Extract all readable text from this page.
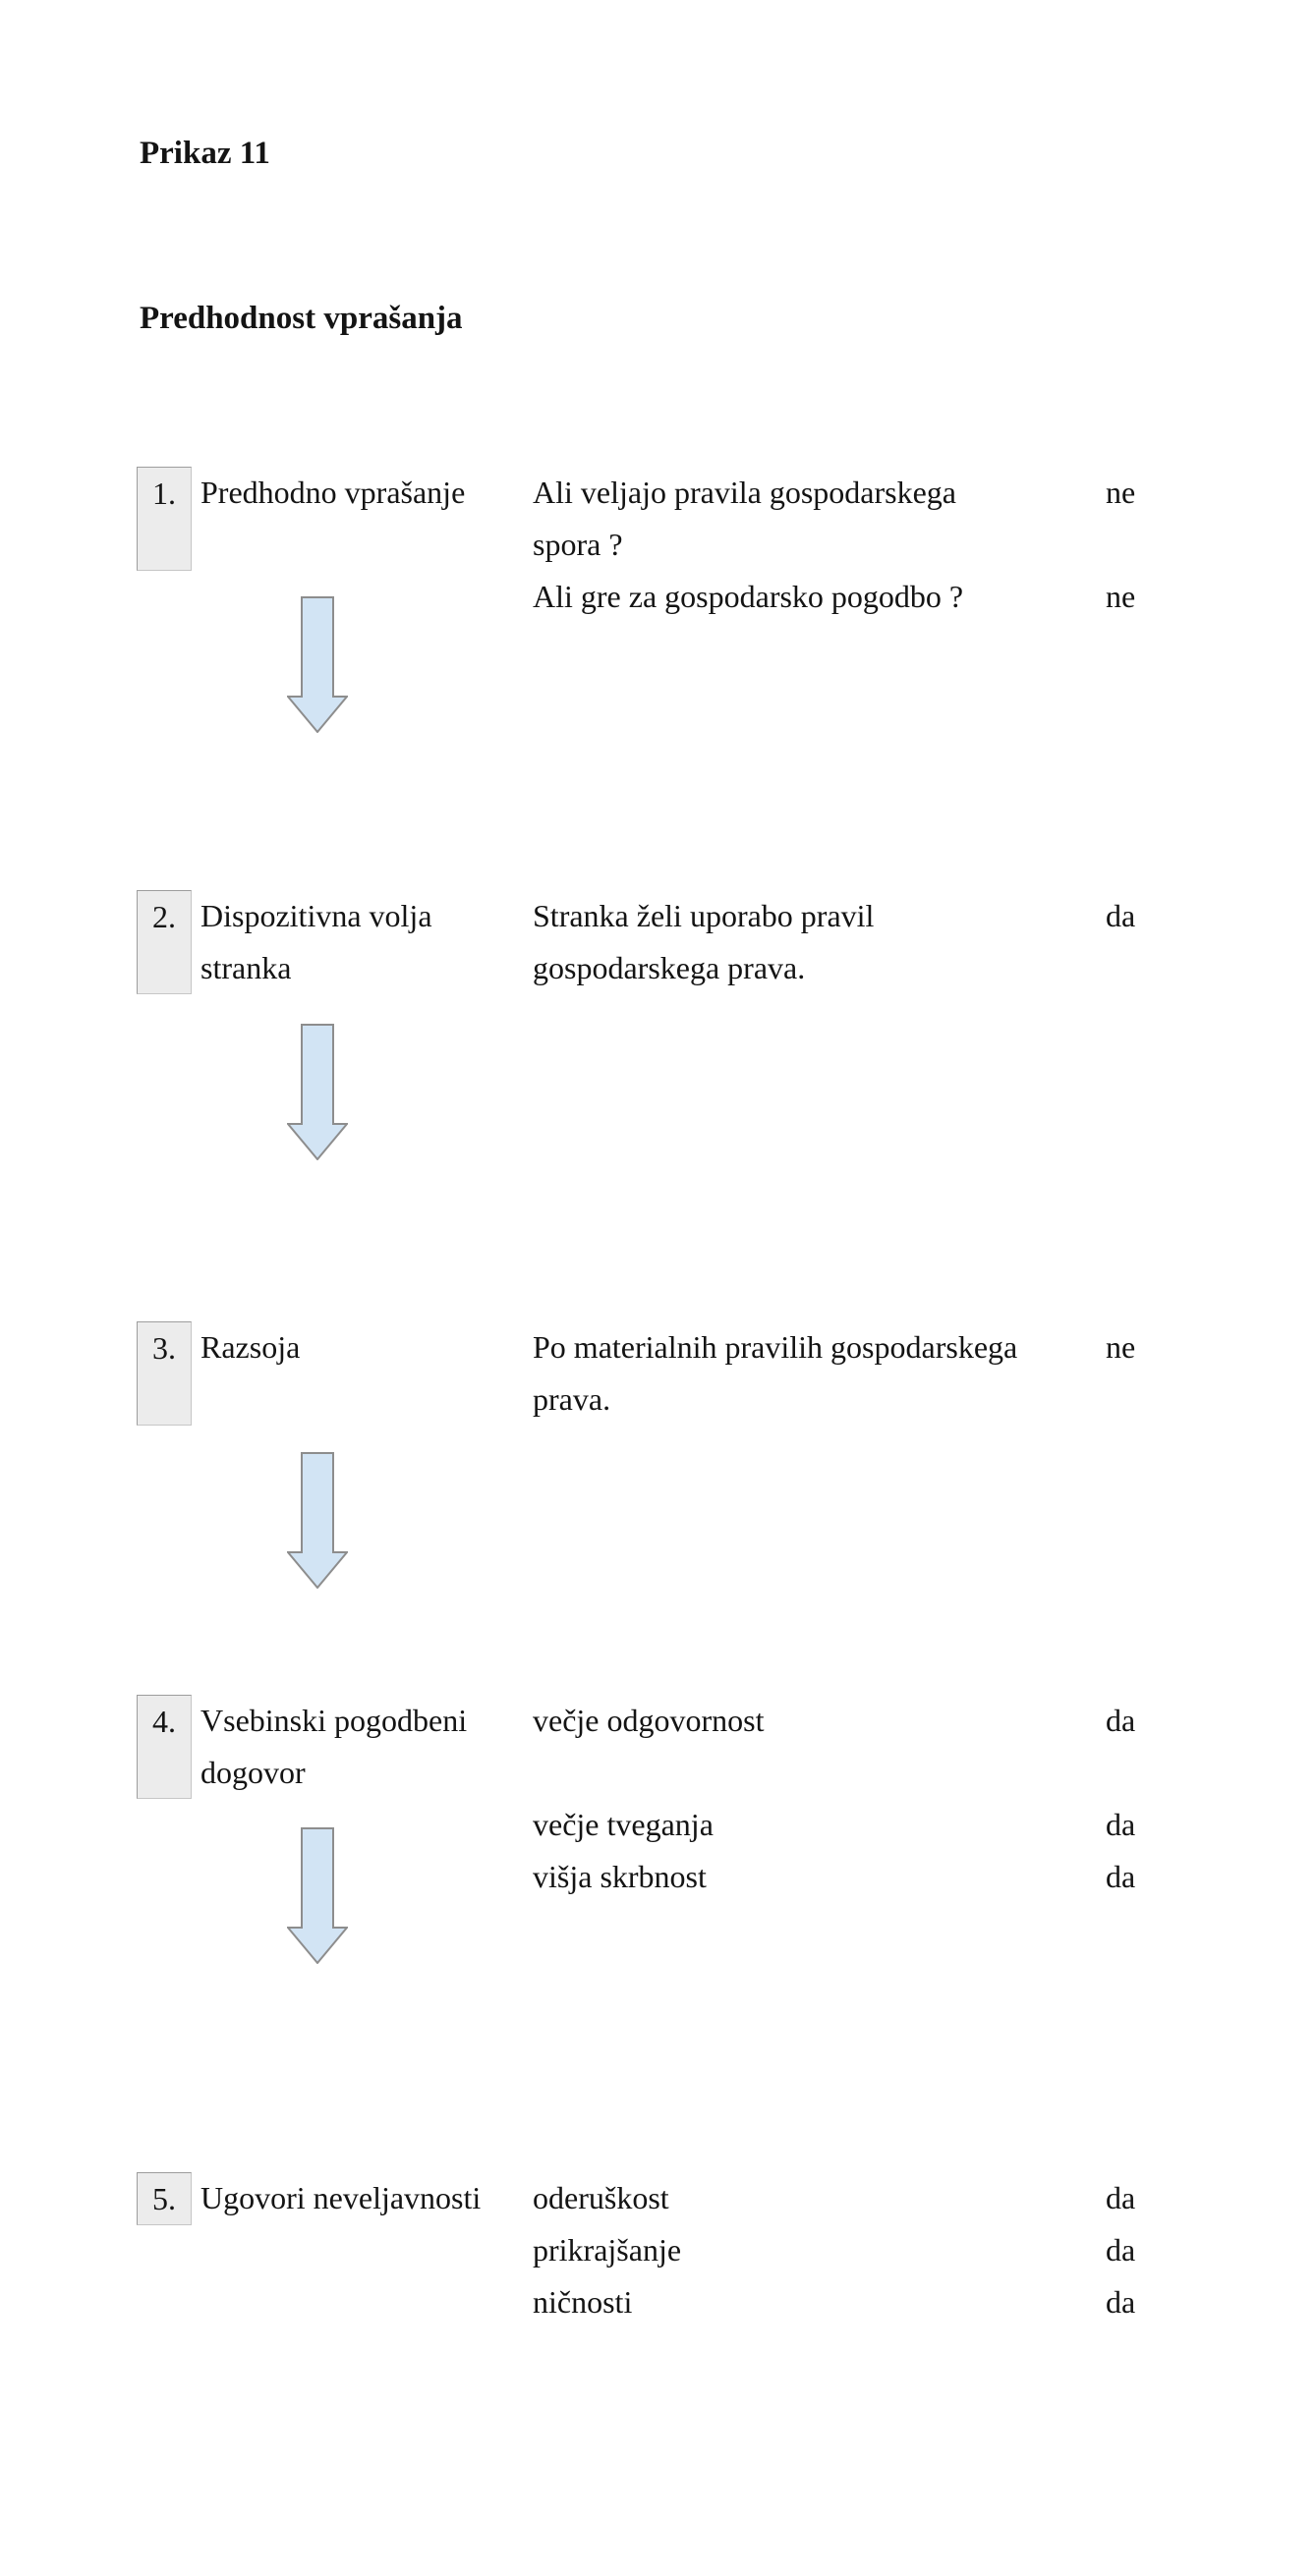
Prikaz 11
Predhodnost vprašanja
1. Predhodno vprašanje Ali veljajo pravila gospodarskega
spora ?
Ali gre za gospodarsko pogodbo ?
ne
ne
2. Dispozitivna volja
stranka
Stranka želi uporabo pravil
gospodarskega prava.
da
3. Razsoja	Po materialnih pravilih gospodarskega
prava.
ne
4. Vsebinski pogodbeni
dogovor
večje odgovornost
večje tveganja
višja skrbnost
da
da
da
5. Ugovori neveljavnosti oderuškost
prikrajšanje
ničnosti
da
da
da
